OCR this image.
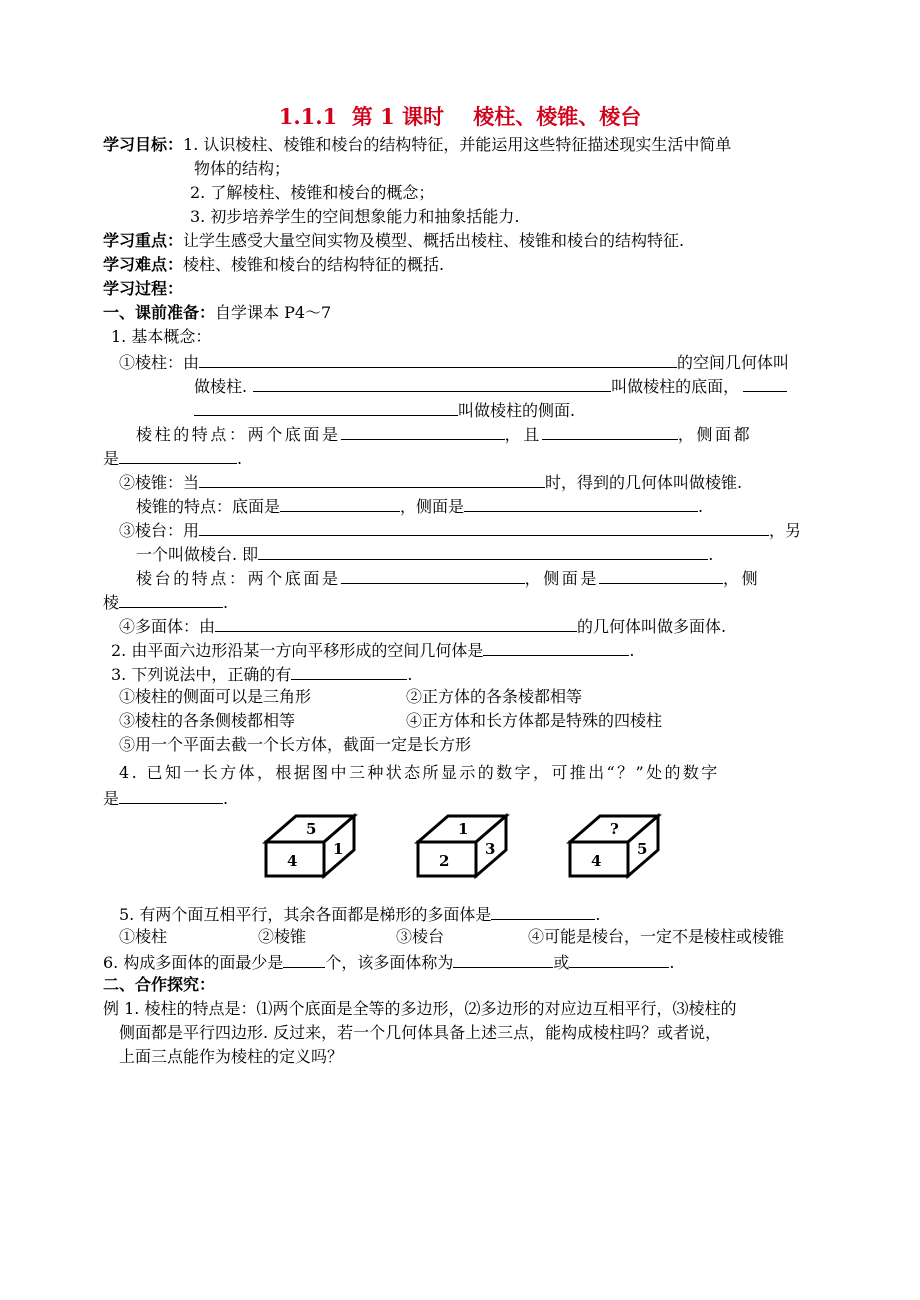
1.1.1  第 1 课时    棱柱、棱锥、棱台
学习目标：1. 认识棱柱、棱锥和棱台的结构特征，并能运用这些特征描述现实生活中简单
物体的结构；
2. 了解棱柱、棱锥和棱台的概念；
3. 初步培养学生的空间想象能力和抽象括能力.
学习重点：让学生感受大量空间实物及模型、概括出棱柱、棱锥和棱台的结构特征.
学习难点：棱柱、棱锥和棱台的结构特征的概括.
学习过程：
一、课前准备：自学课本 P4～7
1. 基本概念：
①棱柱：由	的空间几何体叫
做棱柱.	叫做棱柱的底面，
叫做棱柱的侧面.
棱柱的特点：两个底面是	，且	，侧面都
是	.
②棱锥：当	时，得到的几何体叫做棱锥.
棱锥的特点：底面是	，侧面是	.
③棱台：用	，另
一个叫做棱台. 即	.
棱台的特点：两个底面是	，侧面是	，侧
棱	.
④多面体：由	的几何体叫做多面体.
2. 由平面六边形沿某一方向平移形成的空间几何体是	.
3. 下列说法中，正确的有	.
①棱柱的侧面可以是三角形	②正方体的各条棱都相等
③棱柱的各条侧棱都相等	④正方体和长方体都是特殊的四棱柱
⑤用一个平面去截一个长方体，截面一定是长方形
4. 已知一长方体，根据图中三种状态所显示的数字，可推出“？”处的数字
是	.
5
4
1
1
2
3
?
4
5
5. 有两个面互相平行，其余各面都是梯形的多面体是	.
①棱柱	②棱锥	③棱台	④可能是棱台，一定不是棱柱或棱锥
6. 构成多面体的面最少是	个，该多面体称为	或	.
二、合作探究：
例 1. 棱柱的特点是：⑴两个底面是全等的多边形，⑵多边形的对应边互相平行，⑶棱柱的
侧面都是平行四边形. 反过来，若一个几何体具备上述三点，能构成棱柱吗？或者说，
上面三点能作为棱柱的定义吗？
